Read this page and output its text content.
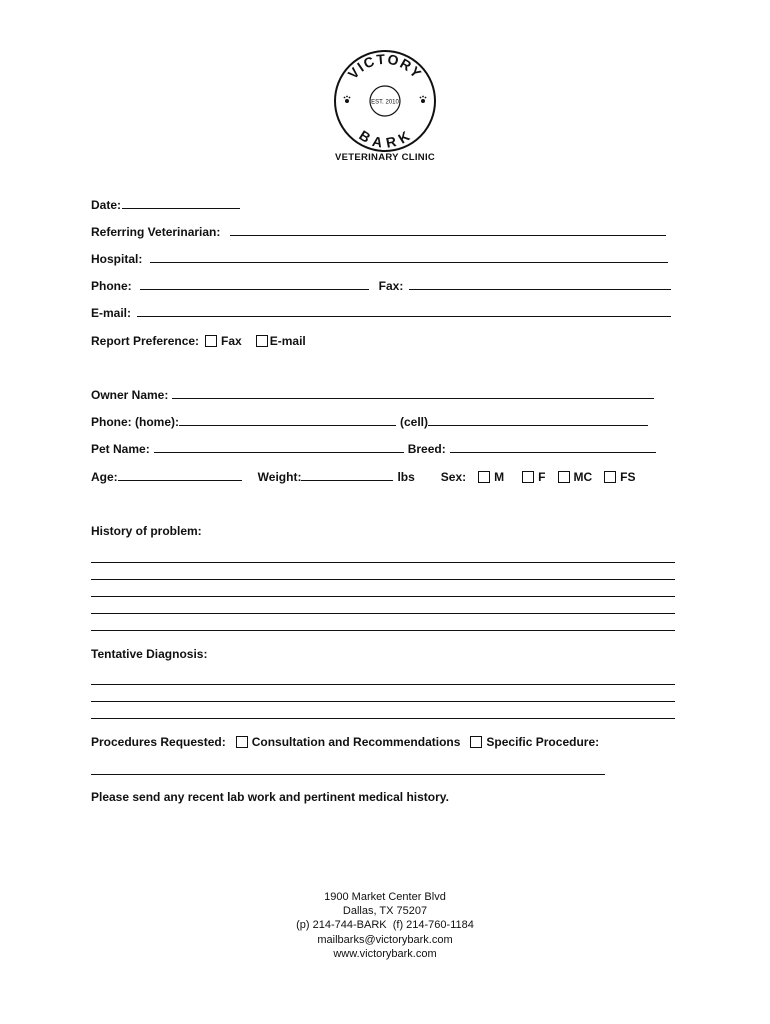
VICTORY
BARK
EST. 2010
VETERINARY CLINIC
Date:
Referring Veterinarian:
Hospital:
Phone:	Fax:
E-mail:
Report Preference: Fax E-mail
Owner Name:
Phone: (home):	(cell)
Pet Name:	Breed:
Age:	Weight:	lbs Sex: M	F MC FS
History of problem:
Tentative Diagnosis:
Procedures Requested: Consultation and Recommendations Specific Procedure:
Please send any recent lab work and pertinent medical history.
1900 Market Center Blvd
Dallas, TX 75207
(p) 214-744-BARK  (f) 214-760-1184
mailbarks@victorybark.com
www.victorybark.com
